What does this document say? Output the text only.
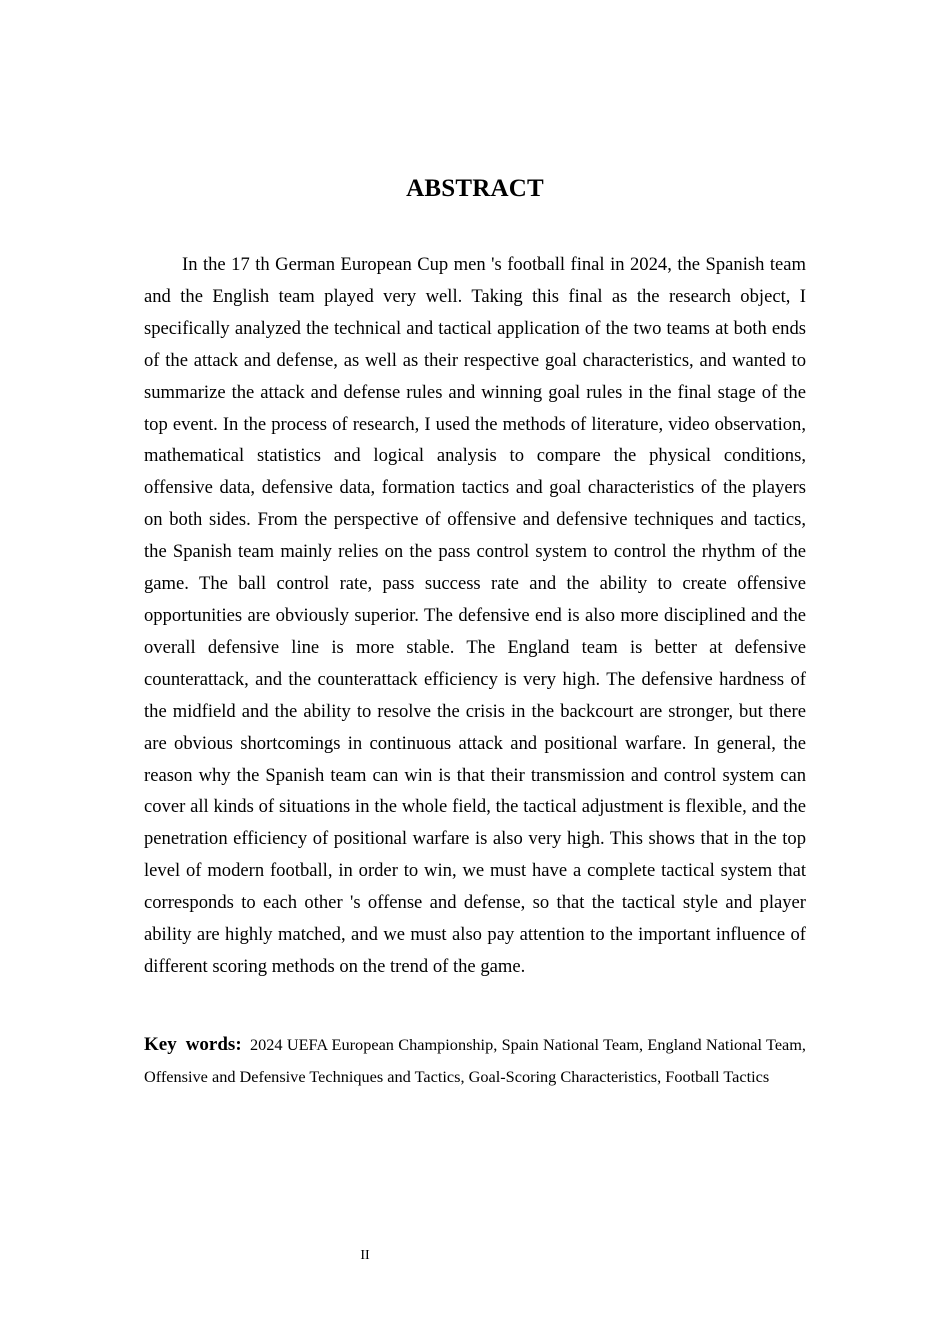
ABSTRACT

In the 17 th German European Cup men 's football final in 2024, the Spanish team and the English team played very well. Taking this final as the research object, I specifically analyzed the technical and tactical application of the two teams at both ends of the attack and defense, as well as their respective goal characteristics, and wanted to summarize the attack and defense rules and winning goal rules in the final stage of the top event. In the process of research, I used the methods of literature, video observation, mathematical statistics and logical analysis to compare the physical conditions, offensive data, defensive data, formation tactics and goal characteristics of the players on both sides. From the perspective of offensive and defensive techniques and tactics, the Spanish team mainly relies on the pass control system to control the rhythm of the game. The ball control rate, pass success rate and the ability to create offensive opportunities are obviously superior. The defensive end is also more disciplined and the overall defensive line is more stable. The England team is better at defensive counterattack, and the counterattack efficiency is very high. The defensive hardness of the midfield and the ability to resolve the crisis in the backcourt are stronger, but there are obvious shortcomings in continuous attack and positional warfare. In general, the reason why the Spanish team can win is that their transmission and control system can cover all kinds of situations in the whole field, the tactical adjustment is flexible, and the penetration efficiency of positional warfare is also very high. This shows that in the top level of modern football, in order to win, we must have a complete tactical system that corresponds to each other 's offense and defense, so that the tactical style and player ability are highly matched, and we must also pay attention to the important influence of different scoring methods on the trend of the game.

Key words: 2024 UEFA European Championship, Spain National Team, England National Team, Offensive and Defensive Techniques and Tactics, Goal-Scoring Characteristics, Football Tactics

II
